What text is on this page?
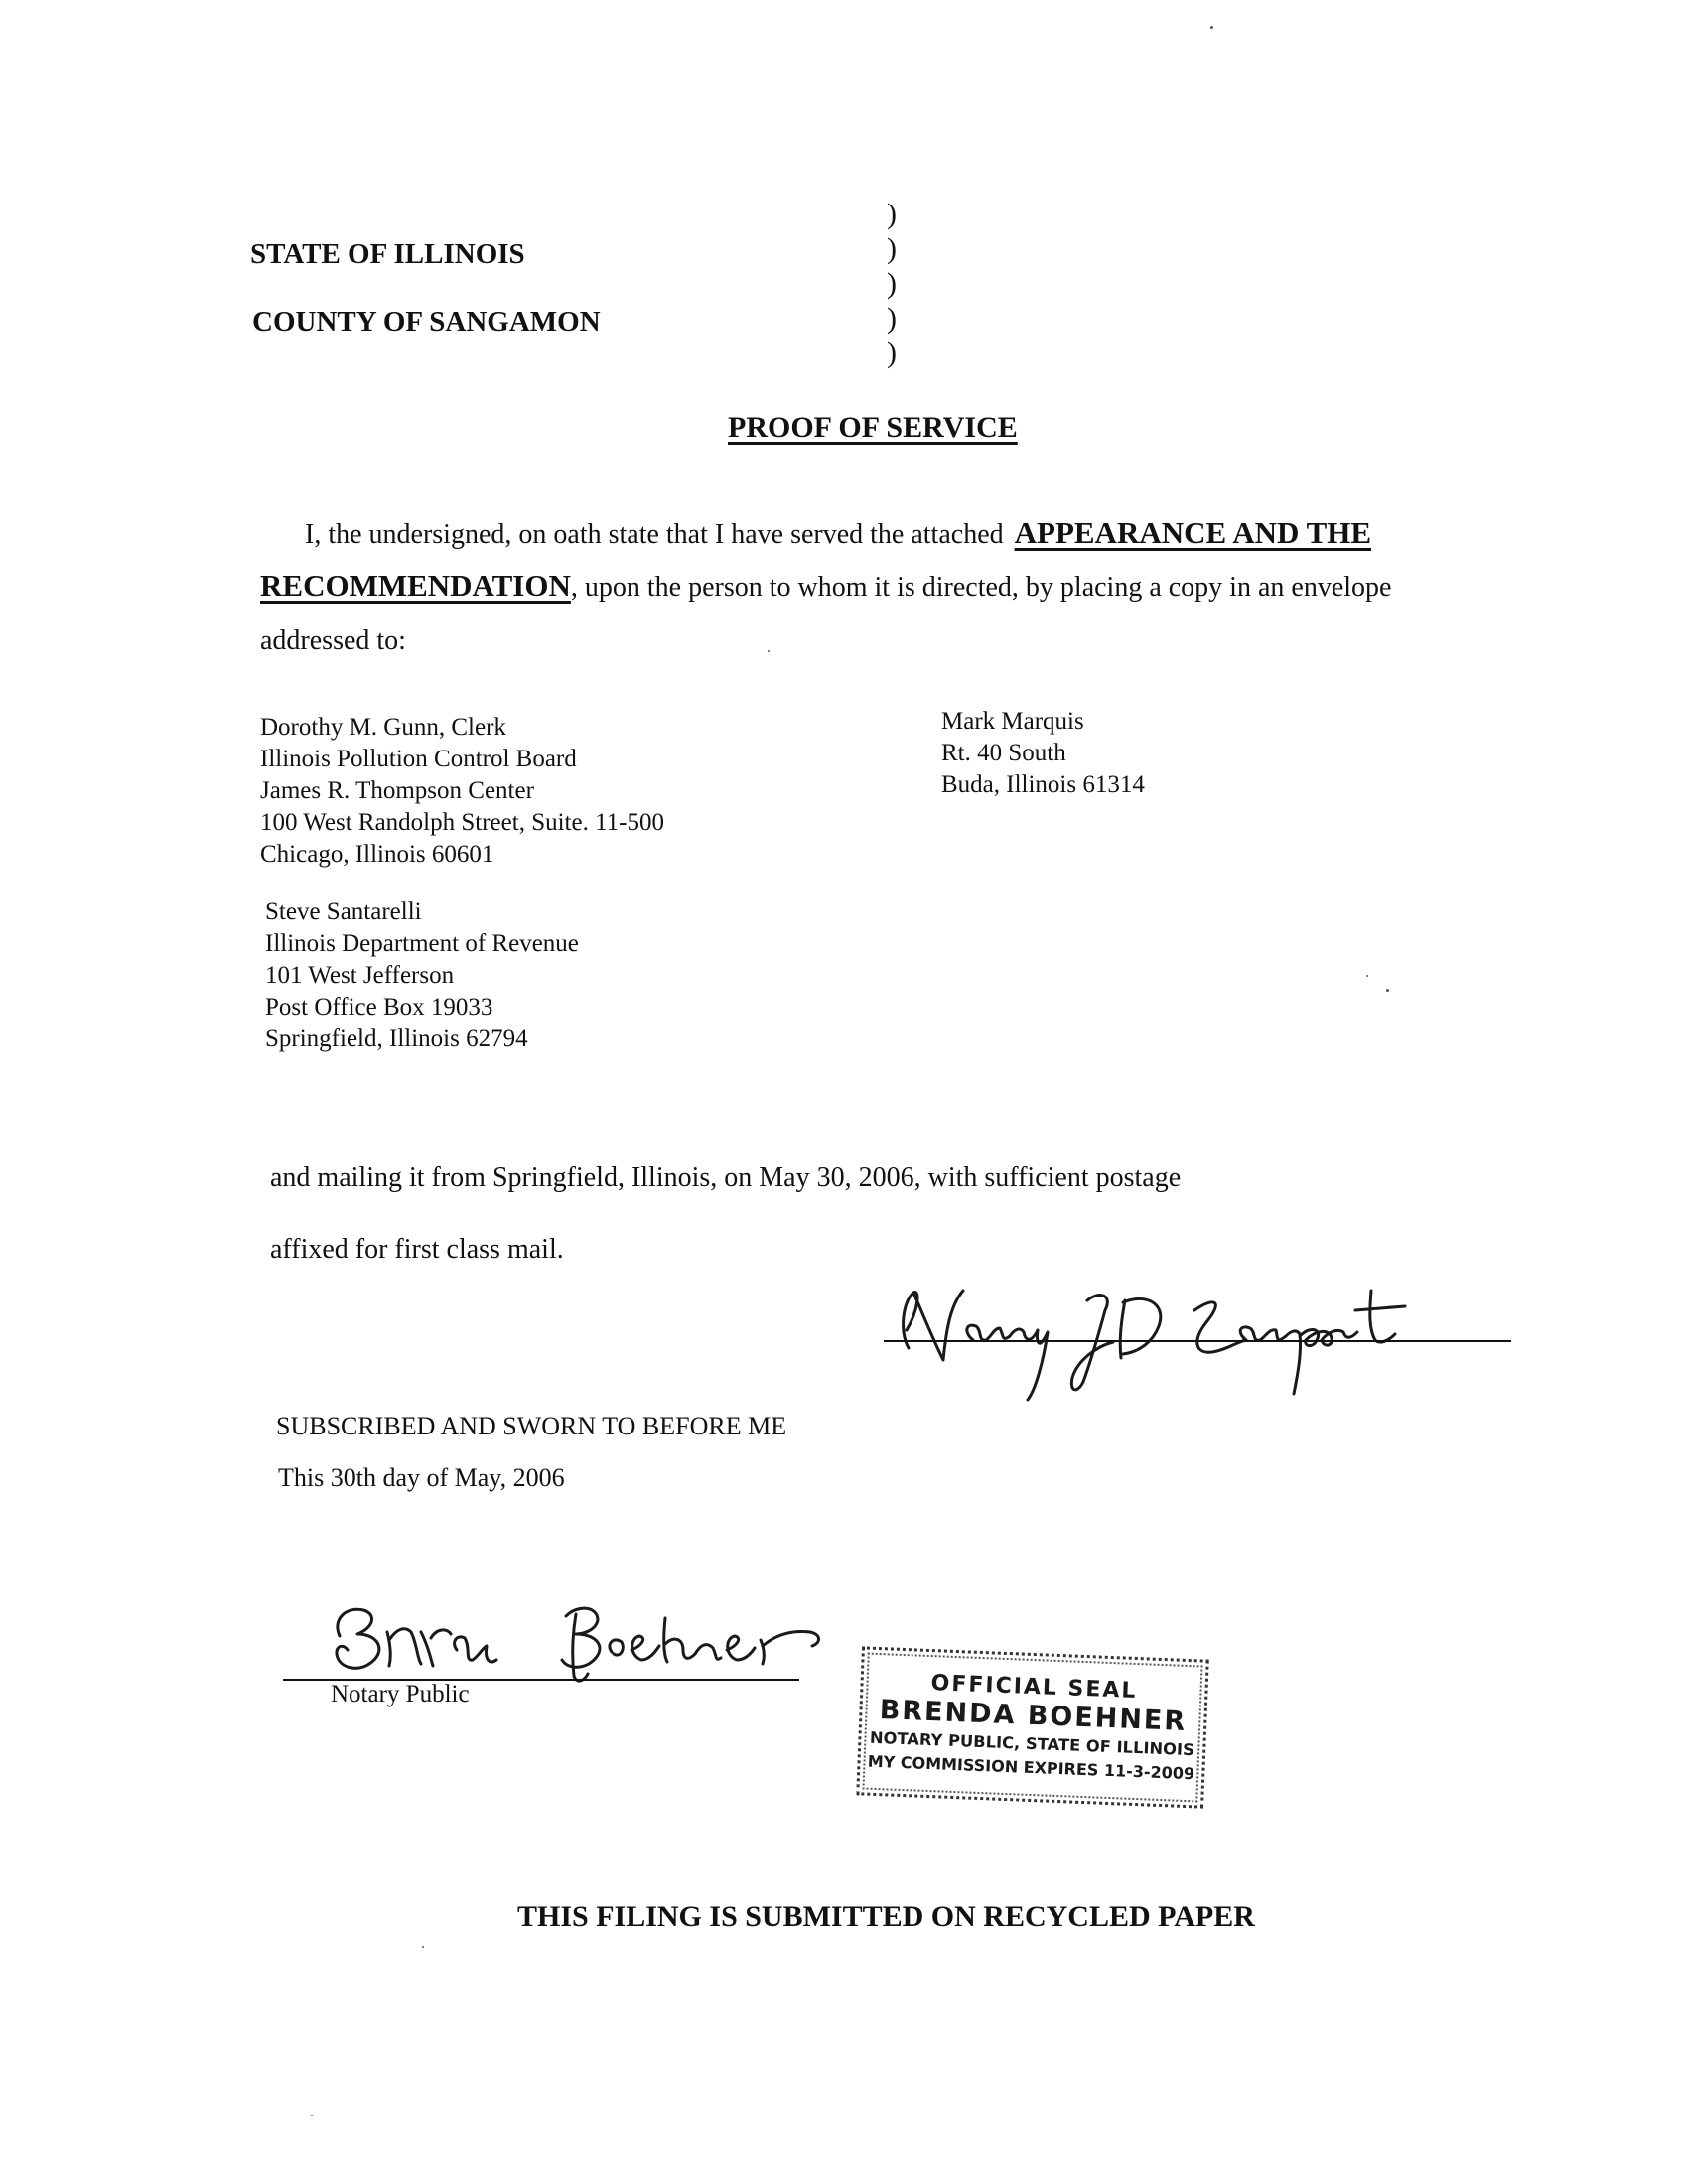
STATE OF ILLINOIS
COUNTY OF SANGAMON
)
)
)
)
)
PROOF OF SERVICE
I, the undersigned, on oath state that I have served the attached APPEARANCE AND THE
RECOMMENDATION, upon the person to whom it is directed, by placing a copy in an envelope
addressed to:
Dorothy M. Gunn, Clerk
Illinois Pollution Control Board
James R. Thompson Center
100 West Randolph Street, Suite. 11-500
Chicago, Illinois 60601
Mark Marquis
Rt. 40 South
Buda, Illinois 61314
Steve Santarelli
Illinois Department of Revenue
101 West Jefferson
Post Office Box 19033
Springfield, Illinois 62794
and mailing it from Springfield, Illinois, on May 30, 2006, with sufficient postage
affixed for first class mail.
SUBSCRIBED AND SWORN TO BEFORE ME
This 30th day of May, 2006
Notary Public	OFFICIAL SEAL
BRENDA BOEHNER
NOTARY PUBLIC, STATE OF ILLINOIS
MY COMMISSION EXPIRES 11-3-2009
THIS FILING IS SUBMITTED ON RECYCLED PAPER
